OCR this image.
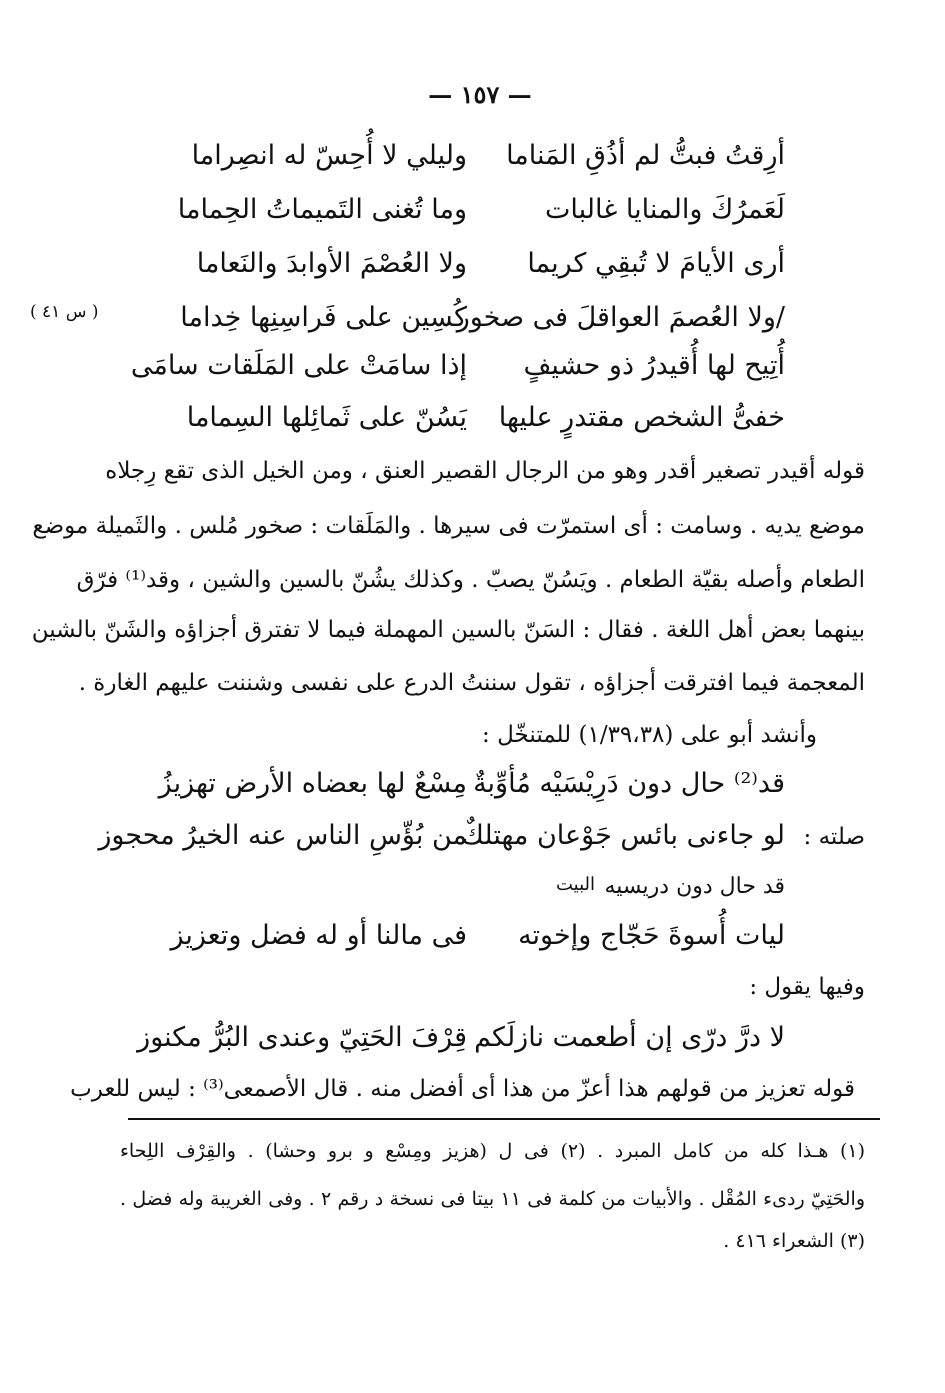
— ١٥٧ —
أرِقتُ فبتُّ لم أذُقِ المَناما
وليلي لا أُحِسّ له انصِراما
لَعَمرُكَ والمنايا غالبات
وما تُغنى التَميماتُ الحِماما
أرى الأيامَ لا تُبقِي كريما
ولا العُصْمَ الأوابدَ والنَعاما
/ولا العُصمَ العواقلَ فى صخور
كُسِين على فَراسِنِها خِداما
أُتِيح لها أُقيدرُ ذو حشيفٍ
إذا سامَتْ على المَلَقات سامَى
خفىُّ الشخص مقتدرٍ عليها
يَسُنّ على ثَمائِلها السِماما
( س ٤١ )
قوله أقيدر تصغير أقدر وهو من الرجال القصير العنق ، ومن الخيل الذى تقع رِجلاه
موضع يديه . وسامت : أى استمرّت فى سيرها . والمَلَقات : صخور مُلس . والثَميلة موضع
الطعام وأصله بقيّة الطعام . ويَسُنّ يصبّ . وكذلك يشُنّ بالسين والشين ، وقد⁽¹⁾ فرّق
بينهما بعض أهل اللغة . فقال : السَنّ بالسين المهملة فيما لا تفترق أجزاؤه والشَنّ بالشين
المعجمة فيما افترقت أجزاؤه ، تقول سننتُ الدرع على نفسى وشننت عليهم الغارة .
وأنشد أبو على (١/٣٩،٣٨) للمتنخّل :
قد⁽²⁾ حال دون دَرِيْسَيْه مُأوِّبةٌ
مِسْعٌ لها بعضاه الأرض تهزيزُ
صلته :
لو جاءنى بائس جَوْعان مهتلكٌ
من بُؤّسِ الناس عنه الخيرُ محجوز
قد حال دون دريسيه
البيت
ليات أُسوةَ حَجّاج وإخوته
فى مالنا أو له فضل وتعزيز
وفيها يقول :
لا درَّ درّى إن أطعمت نازلَكم
قِرْفَ الحَتِيّ وعندى البُرُّ مكنوز
قوله تعزيز من قولهم هذا أعزّ من هذا أى أفضل منه . قال الأصمعى⁽³⁾ : ليس للعرب
(١) هـذا كله من كامل المبرد . (٢) فى ل (هزيز ومِسْع و برو وحشا) . والقِرْف اللِحاء
والحَتِيّ ردىء المُقْل . والأبيات من كلمة فى ١١ بيتا فى نسخة د رقم ٢ . وفى الغريبة وله فضل .
(٣) الشعراء ٤١٦ .
